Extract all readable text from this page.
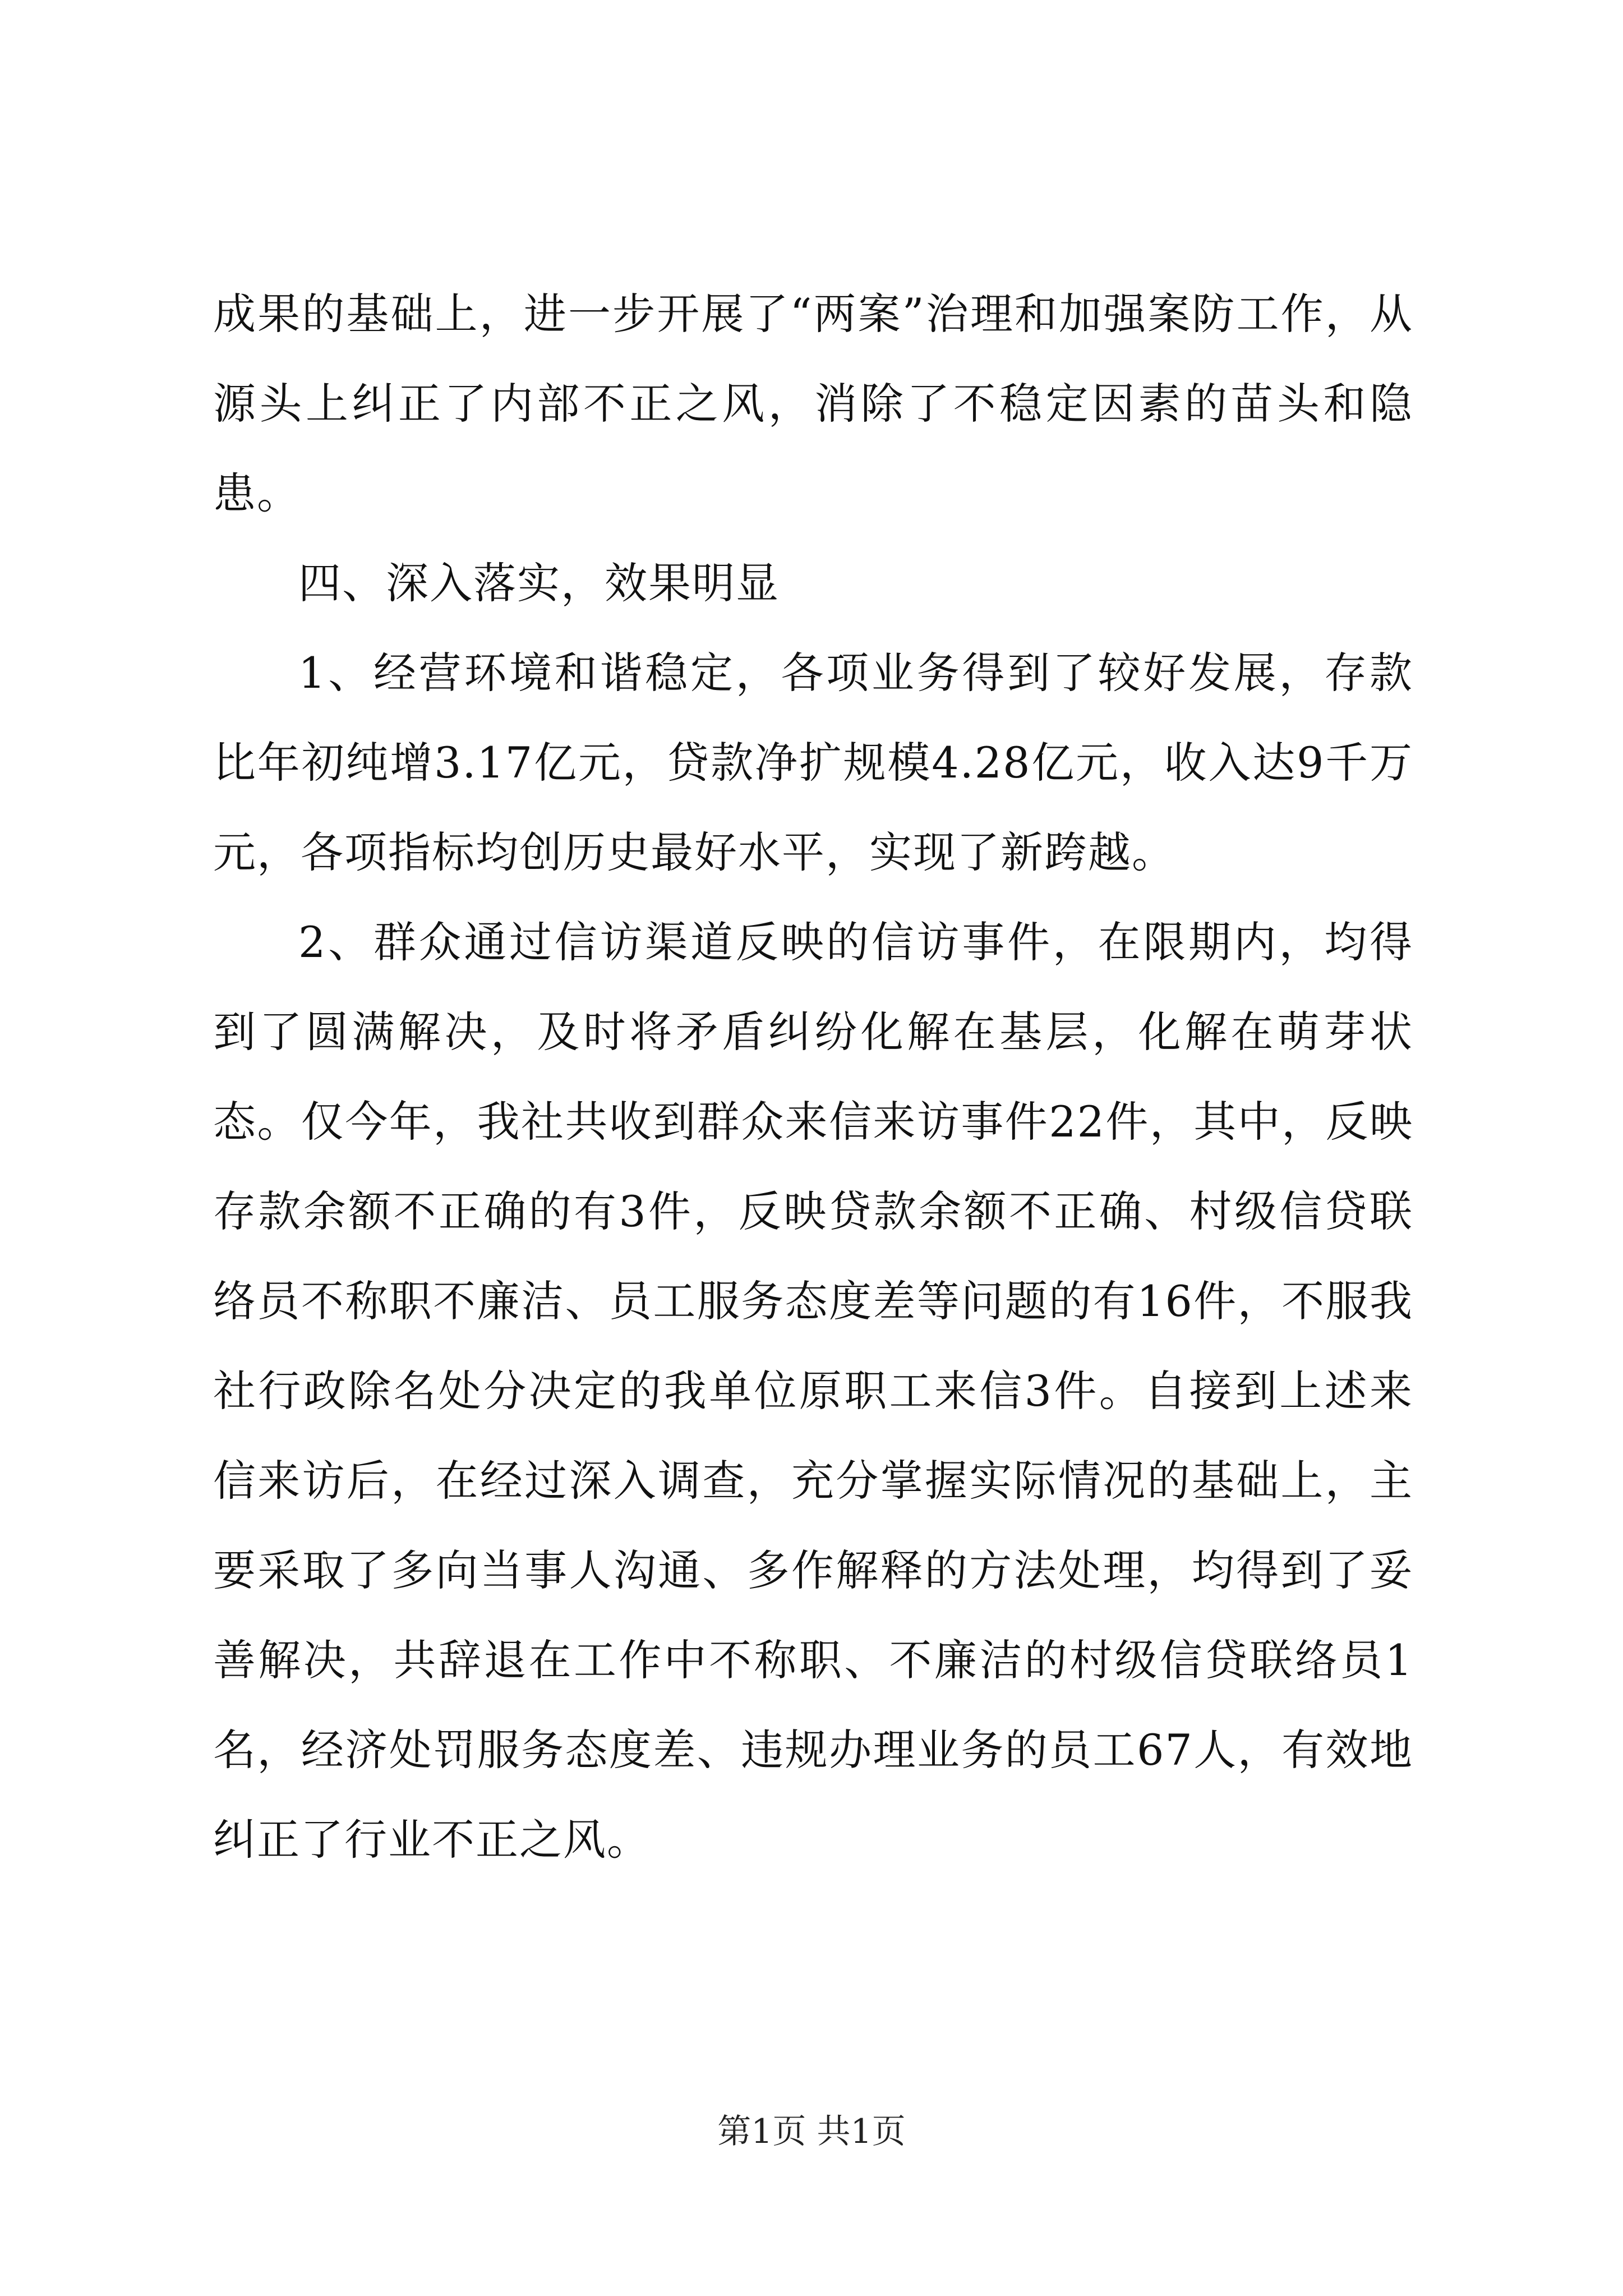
成果的基础上，进一步开展了“两案”治理和加强案防工作，从源头上纠正了内部不正之风，消除了不稳定因素的苗头和隐患。

四、深入落实，效果明显

1、经营环境和谐稳定，各项业务得到了较好发展，存款比年初纯增3.17亿元，贷款净扩规模4.28亿元，收入达9千万元，各项指标均创历史最好水平，实现了新跨越。

2、群众通过信访渠道反映的信访事件，在限期内，均得到了圆满解决，及时将矛盾纠纷化解在基层，化解在萌芽状态。仅今年，我社共收到群众来信来访事件22件，其中，反映存款余额不正确的有3件，反映贷款余额不正确、村级信贷联络员不称职不廉洁、员工服务态度差等问题的有16件，不服我社行政除名处分决定的我单位原职工来信3件。自接到上述来信来访后，在经过深入调查，充分掌握实际情况的基础上，主要采取了多向当事人沟通、多作解释的方法处理，均得到了妥善解决，共辞退在工作中不称职、不廉洁的村级信贷联络员1名，经济处罚服务态度差、违规办理业务的员工67人，有效地纠正了行业不正之风。

第1页 共1页
